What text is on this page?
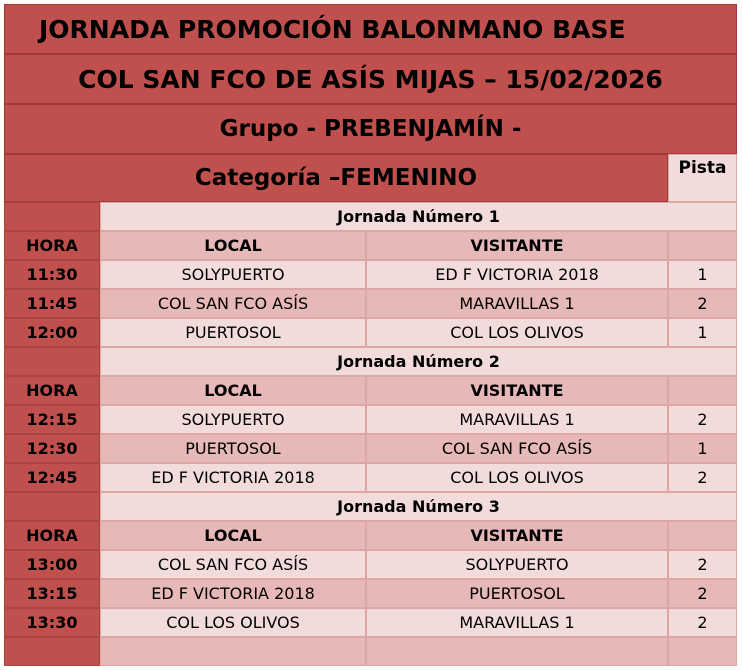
JORNADA PROMOCIÓN BALONMANO BASE
COL SAN FCO DE ASÍS MIJAS – 15/02/2026
Grupo - PREBENJAMÍN -
Categoría –FEMENINO	Pista
Jornada Número 1
HORA	LOCAL	VISITANTE
11:30	SOLYPUERTO	ED F VICTORIA 2018	1
11:45	COL SAN FCO ASÍS	MARAVILLAS 1	2
12:00	PUERTOSOL	COL LOS OLIVOS	1
Jornada Número 2
HORA	LOCAL	VISITANTE
12:15	SOLYPUERTO	MARAVILLAS 1	2
12:30	PUERTOSOL	COL SAN FCO ASÍS	1
12:45	ED F VICTORIA 2018	COL LOS OLIVOS	2
Jornada Número 3
HORA	LOCAL	VISITANTE
13:00	COL SAN FCO ASÍS	SOLYPUERTO	2
13:15	ED F VICTORIA 2018	PUERTOSOL	2
13:30	COL LOS OLIVOS	MARAVILLAS 1	2
